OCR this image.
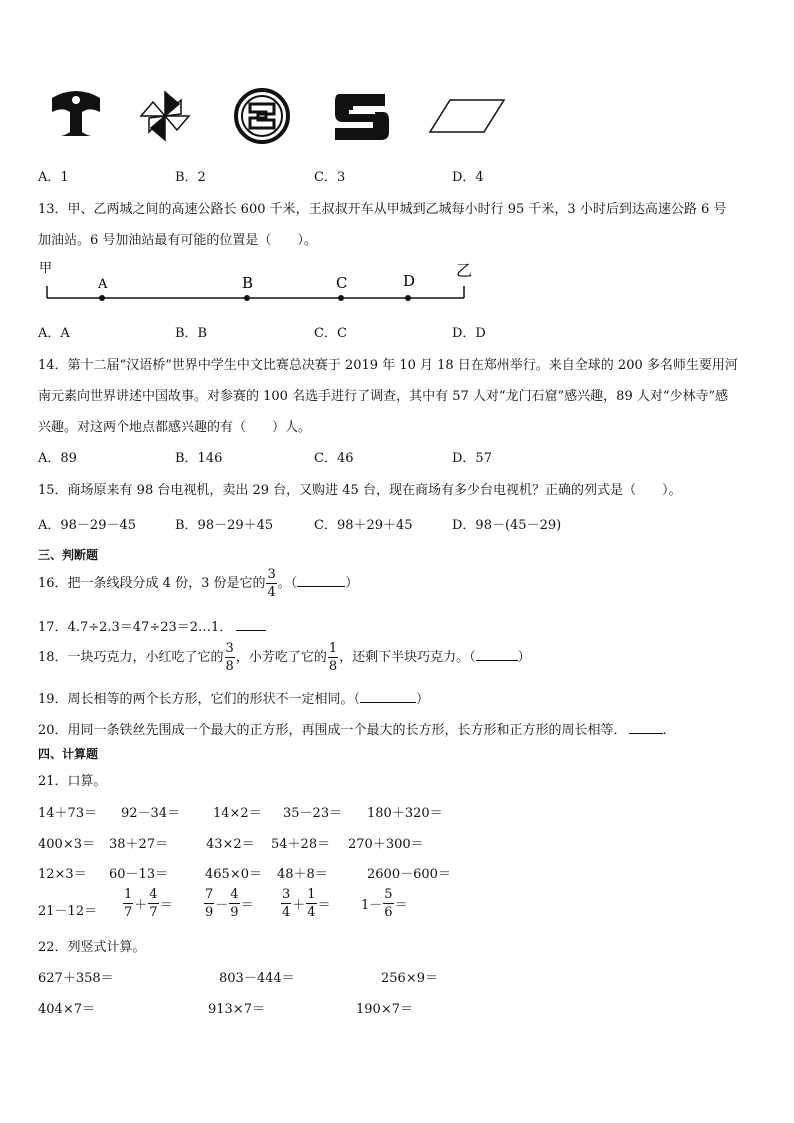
A．1	B．2	C．3	D．4
13．甲、乙两城之间的高速公路长 600 千米，王叔叔开车从甲城到乙城每小时行 95 千米，3 小时后到达高速公路 6 号
加油站。6 号加油站最有可能的位置是（　　）。
甲	乙
A	B	C	D
A．A	B．B	C．C	D．D
14．第十二届“汉语桥”世界中学生中文比赛总决赛于 2019 年 10 月 18 日在郑州举行。来自全球的 200 多名师生要用河
南元素向世界讲述中国故事。对参赛的 100 名选手进行了调查，其中有 57 人对“龙门石窟”感兴趣，89 人对“少林寺”感
兴趣。对这两个地点都感兴趣的有（　　）人。
A．89	B．146	C．46	D．57
15．商场原来有 98 台电视机，卖出 29 台，又购进 45 台，现在商场有多少台电视机？正确的列式是（　　）。
A．98－29－45	B．98－29＋45	C．98＋29＋45	D．98－(45－29)
三、判断题
16．把一条线段分成 4 份，3 份是它的 $\frac{3}{4}$ 。（	）
17．4.7÷2.3＝47÷23＝2…1．
18．一块巧克力，小红吃了它的 $\frac{3}{8}$ ，小芳吃了它的 $\frac{1}{8}$ ，还剩下半块巧克力。（	）
19．周长相等的两个长方形，它们的形状不一定相同。（	）
20．用同一条铁丝先围成一个最大的正方形，再围成一个最大的长方形，长方形和正方形的周长相等．	.
四、计算题
21．口算。
14＋73＝ 92－34＝	14×2＝ 35－23＝ 180＋320＝
400×3＝ 38＋27＝	43×2＝ 54＋28＝ 270＋300＝
12×3＝ 60－13＝	465×0＝ 48＋8＝	2600－600＝
$21-12= \frac{1}{7} + \frac{4}{7} = \frac{7}{9} - \frac{4}{9} = \frac{3}{4} + \frac{1}{4} = 1- \frac{5}{6}$ ＝
22．列竖式计算。
627＋358＝	803－444＝	256×9＝
404×7＝	913×7＝	190×7＝
